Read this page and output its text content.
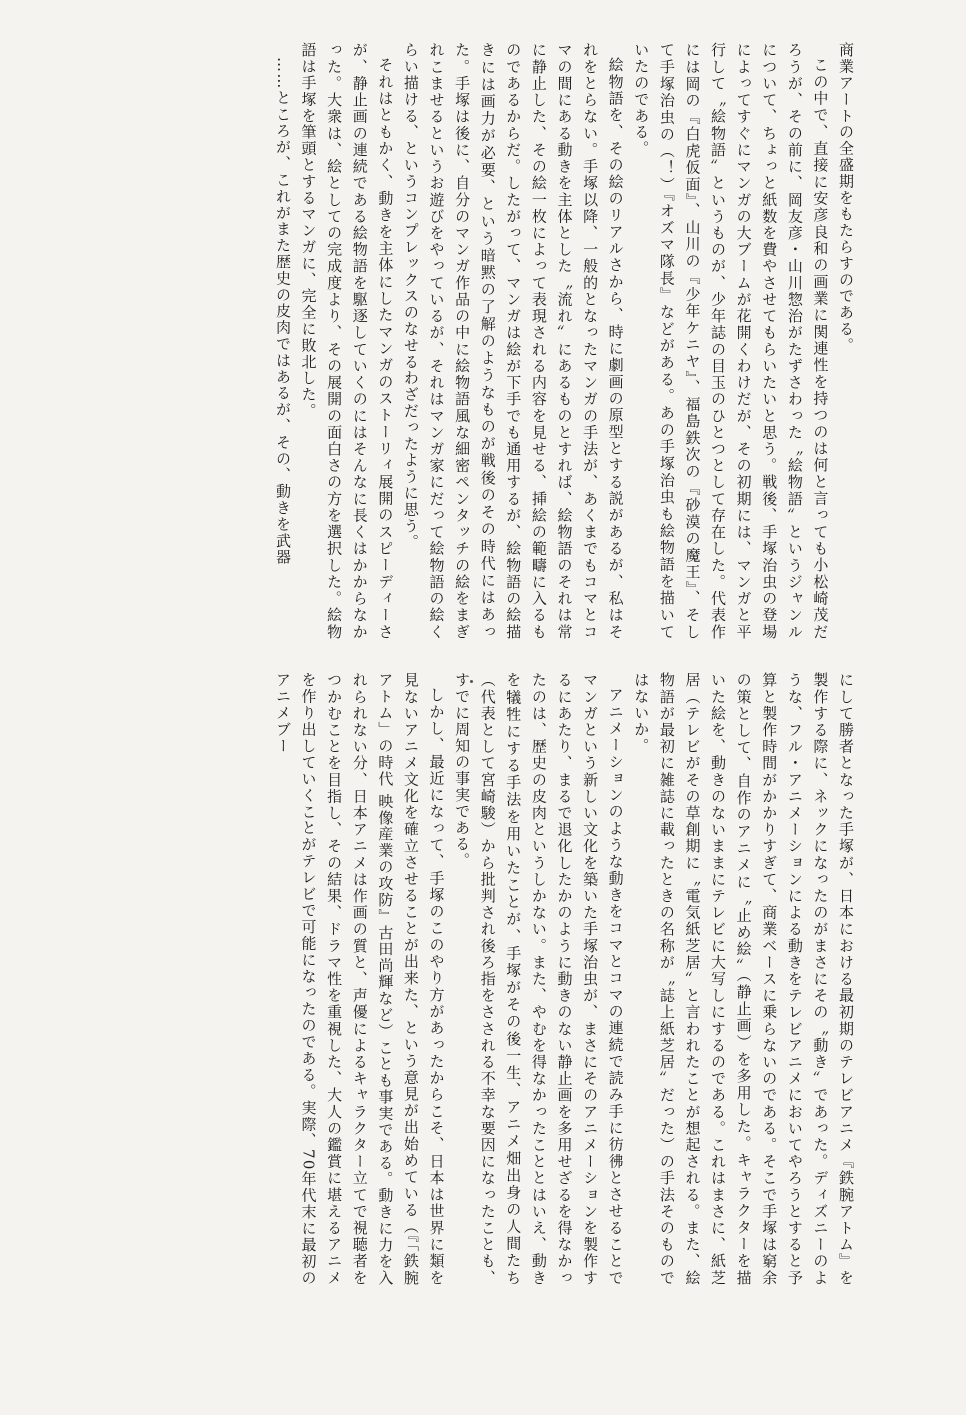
商業アートの全盛期をもたらすのである。

この中で、直接に安彦良和の画業に関連性を持つのは何と言っても小松崎茂だろうが、その前に、岡友彦・山川惣治がたずさわった〝絵物語〟というジャンルについて、ちょっと紙数を費やさせてもらいたいと思う。戦後、手塚治虫の登場によってすぐにマンガの大ブームが花開くわけだが、その初期には、マンガと平行して〝絵物語〟というものが、少年誌の目玉のひとつとして存在した。代表作には岡の『白虎仮面』、山川の『少年ケニヤ』、福島鉄次の『砂漠の魔王』、そして手塚治虫の（！）『オズマ隊長』などがある。あの手塚治虫も絵物語を描いていたのである。

絵物語を、その絵のリアルさから、時に劇画の原型とする説があるが、私はそれをとらない。手塚以降、一般的となったマンガの手法が、あくまでもコマとコマの間にある動きを主体とした〝流れ〟にあるものとすれば、絵物語のそれは常に静止した、その絵一枚によって表現される内容を見せる、挿絵の範疇に入るものであるからだ。したがって、マンガは絵が下手でも通用するが、絵物語の絵描きには画力が必要、という暗黙の了解のようなものが戦後のその時代にはあった。手塚は後に、自分のマンガ作品の中に絵物語風な細密ペンタッチの絵をまぎれこませるというお遊びをやっているが、それはマンガ家にだって絵物語の絵くらい描ける、というコンプレックスのなせるわざだったように思う。

それはともかく、動きを主体にしたマンガのストーリィ展開のスピーディーさが、静止画の連続である絵物語を駆逐していくのにはそんなに長くはかからなかった。大衆は、絵としての完成度より、その展開の面白さの方を選択した。絵物語は手塚を筆頭とするマンガに、完全に敗北した。

……ところが、これがまた歴史の皮肉ではあるが、その、動きを武器

にして勝者となった手塚が、日本における最初期のテレビアニメ『鉄腕アトム』を製作する際に、ネックになったのがまさにその〝動き〟であった。ディズニーのような、フル・アニメーションによる動きをテレビアニメにおいてやろうとすると予算と製作時間がかかりすぎて、商業ベースに乗らないのである。そこで手塚は窮余の策として、自作のアニメに〝止め絵〟（静止画）を多用した。キャラクターを描いた絵を、動きのないままにテレビに大写しにするのである。これはまさに、紙芝居（テレビがその草創期に〝電気紙芝居〟と言われたことが想起される。また、絵物語が最初に雑誌に載ったときの名称が〝誌上紙芝居〟だった）の手法そのものではないか。

アニメーションのような動きをコマとコマの連続で読み手に彷彿とさせることでマンガという新しい文化を築いた手塚治虫が、まさにそのアニメーションを製作するにあたり、まるで退化したかのように動きのない静止画を多用せざるを得なかったのは、歴史の皮肉というしかない。また、やむを得なかったこととはいえ、動きを犠牲にする手法を用いたことが、手塚がその後一生、アニメ畑出身の人間たち（代表として宮崎駿）から批判され後ろ指をさされる不幸な要因になったことも、すでに周知の事実である。

しかし、最近になって、手塚のこのやり方があったからこそ、日本は世界に類を見ないアニメ文化を確立させることが出来た、という意見が出始めている（『「鉄腕アトム」の時代 映像産業の攻防』古田尚輝など）ことも事実である。動きに力を入れられない分、日本アニメは作画の質と、声優によるキャラクター立てで視聴者をつかむことを目指し、その結果、ドラマ性を重視した、大人の鑑賞に堪えるアニメを作り出していくことがテレビで可能になったのである。実際、70年代末に最初のアニメブー
